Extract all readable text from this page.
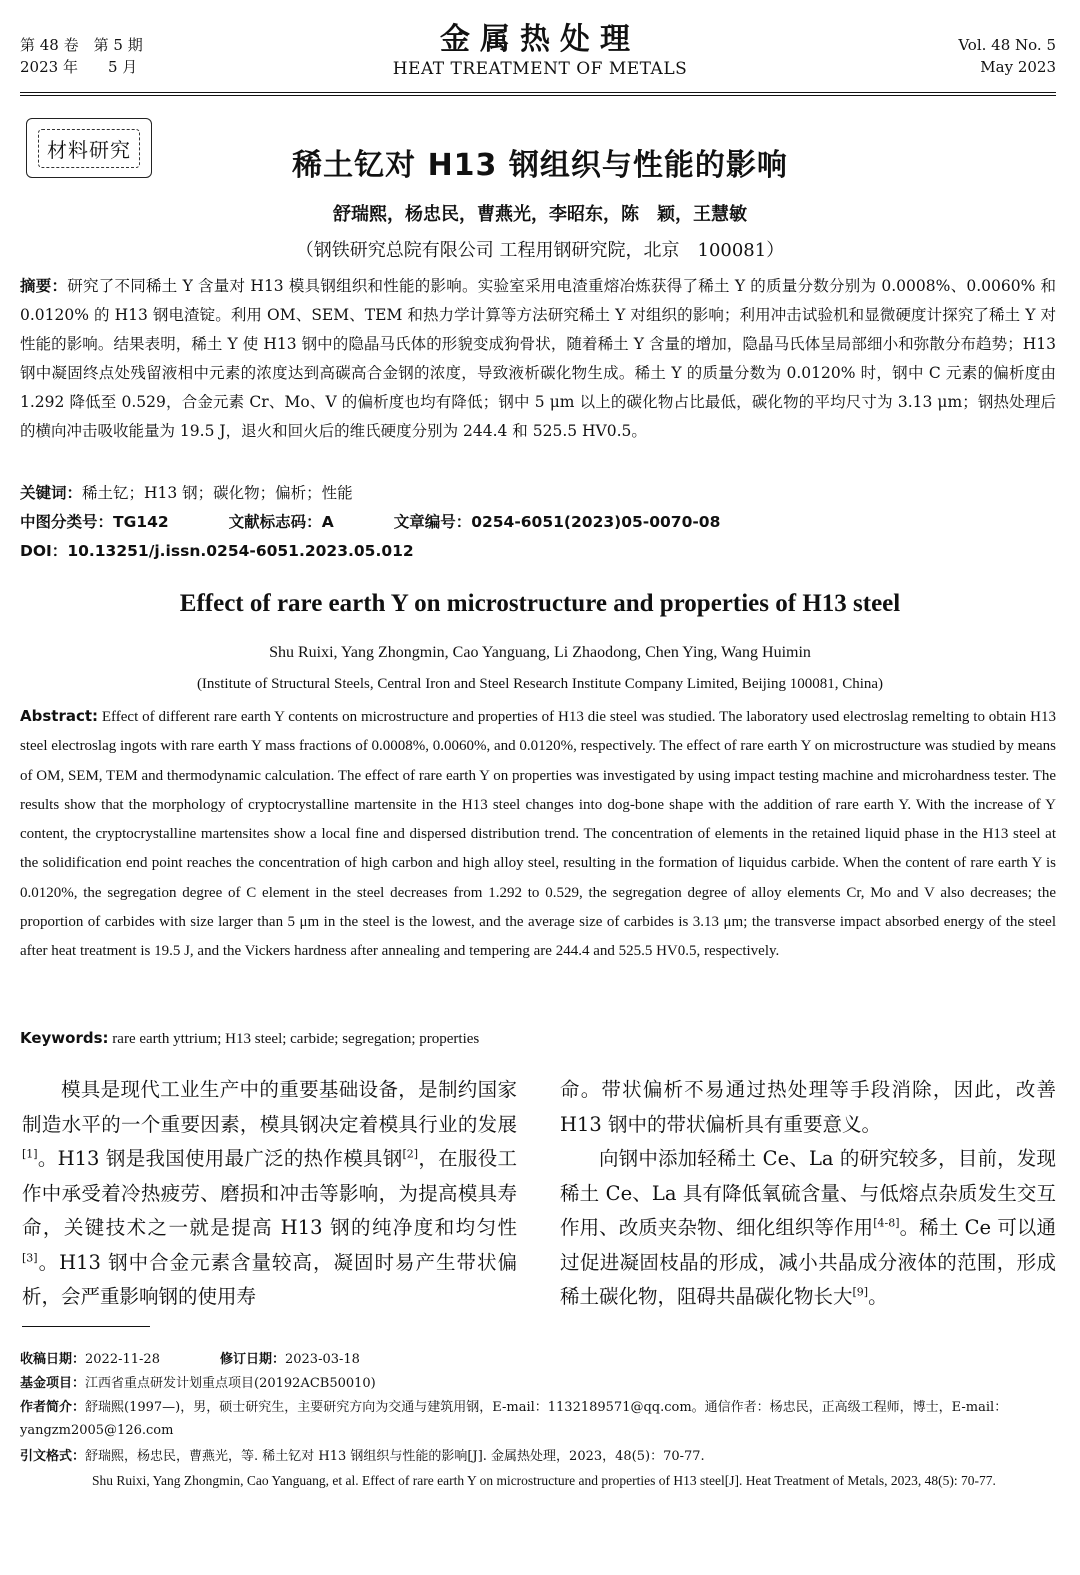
第 48 卷　第 5 期
2023 年　　5 月
金属热处理
HEAT TREATMENT OF METALS
Vol. 48 No. 5
May 2023
材料研究	稀土钇对 H13 钢组织与性能的影响
舒瑞熙，杨忠民，曹燕光，李昭东，陈　颖，王慧敏
（钢铁研究总院有限公司 工程用钢研究院，北京　100081）
摘要：研究了不同稀土 Y 含量对 H13 模具钢组织和性能的影响。实验室采用电渣重熔冶炼获得了稀土 Y 的质量分数分别为 0.0008%、0.0060% 和 0.0120% 的 H13 钢电渣锭。利用 OM、SEM、TEM 和热力学计算等方法研究稀土 Y 对组织的影响；利用冲击试验机和显微硬度计探究了稀土 Y 对性能的影响。结果表明，稀土 Y 使 H13 钢中的隐晶马氏体的形貌变成狗骨状，随着稀土 Y 含量的增加，隐晶马氏体呈局部细小和弥散分布趋势；H13 钢中凝固终点处残留液相中元素的浓度达到高碳高合金钢的浓度，导致液析碳化物生成。稀土 Y 的质量分数为 0.0120% 时，钢中 C 元素的偏析度由 1.292 降低至 0.529，合金元素 Cr、Mo、V 的偏析度也均有降低；钢中 5 μm 以上的碳化物占比最低，碳化物的平均尺寸为 3.13 μm；钢热处理后的横向冲击吸收能量为 19.5 J，退火和回火后的维氏硬度分别为 244.4 和 525.5 HV0.5。
关键词：稀土钇；H13 钢；碳化物；偏析；性能
中图分类号：TG142	文献标志码：A	文章编号：0254-6051(2023)05-0070-08
DOI：10.13251/j.issn.0254-6051.2023.05.012
Effect of rare earth Y on microstructure and properties of H13 steel
Shu Ruixi, Yang Zhongmin, Cao Yanguang, Li Zhaodong, Chen Ying, Wang Huimin
(Institute of Structural Steels, Central Iron and Steel Research Institute Company Limited, Beijing 100081, China)
Abstract: Effect of different rare earth Y contents on microstructure and properties of H13 die steel was studied. The laboratory used electroslag remelting to obtain H13 steel electroslag ingots with rare earth Y mass fractions of 0.0008%, 0.0060%, and 0.0120%, respectively. The effect of rare earth Y on microstructure was studied by means of OM, SEM, TEM and thermodynamic calculation. The effect of rare earth Y on properties was investigated by using impact testing machine and microhardness tester. The results show that the morphology of cryptocrystalline martensite in the H13 steel changes into dog-bone shape with the addition of rare earth Y. With the increase of Y content, the cryptocrystalline martensites show a local fine and dispersed distribution trend. The concentration of elements in the retained liquid phase in the H13 steel at the solidification end point reaches the concentration of high carbon and high alloy steel, resulting in the formation of liquidus carbide. When the content of rare earth Y is 0.0120%, the segregation degree of C element in the steel decreases from 1.292 to 0.529, the segregation degree of alloy elements Cr, Mo and V also decreases; the proportion of carbides with size larger than 5 μm in the steel is the lowest, and the average size of carbides is 3.13 μm; the transverse impact absorbed energy of the steel after heat treatment is 19.5 J, and the Vickers hardness after annealing and tempering are 244.4 and 525.5 HV0.5, respectively.
Keywords: rare earth yttrium; H13 steel; carbide; segregation; properties

模具是现代工业生产中的重要基础设备，是制约国家制造水平的一个重要因素，模具钢决定着模具行业的发展[1]。H13 钢是我国使用最广泛的热作模具钢[2]，在服役工作中承受着冷热疲劳、磨损和冲击等影响，为提高模具寿命，关键技术之一就是提高 H13 钢的纯净度和均匀性[3]。H13 钢中合金元素含量较高，凝固时易产生带状偏析，会严重影响钢的使用寿

命。带状偏析不易通过热处理等手段消除，因此，改善 H13 钢中的带状偏析具有重要意义。

向钢中添加轻稀土 Ce、La 的研究较多，目前，发现稀土 Ce、La 具有降低氧硫含量、与低熔点杂质发生交互作用、改质夹杂物、细化组织等作用[4-8]。稀土 Ce 可以通过促进凝固枝晶的形成，减小共晶成分液体的范围，形成稀土碳化物，阻碍共晶碳化物长大[9]。

收稿日期：2022-11-28	修订日期：2023-03-18
基金项目：江西省重点研发计划重点项目(20192ACB50010)
作者简介：舒瑞熙(1997—)，男，硕士研究生，主要研究方向为交通与建筑用钢，E-mail：1132189571@qq.com。通信作者：杨忠民，正高级工程师，博士，E-mail：yangzm2005@126.com
引文格式：舒瑞熙，杨忠民，曹燕光，等. 稀土钇对 H13 钢组织与性能的影响[J]. 金属热处理，2023，48(5)：70-77.
Shu Ruixi, Yang Zhongmin, Cao Yanguang, et al. Effect of rare earth Y on microstructure and properties of H13 steel[J]. Heat Treatment of Metals, 2023, 48(5): 70-77.
